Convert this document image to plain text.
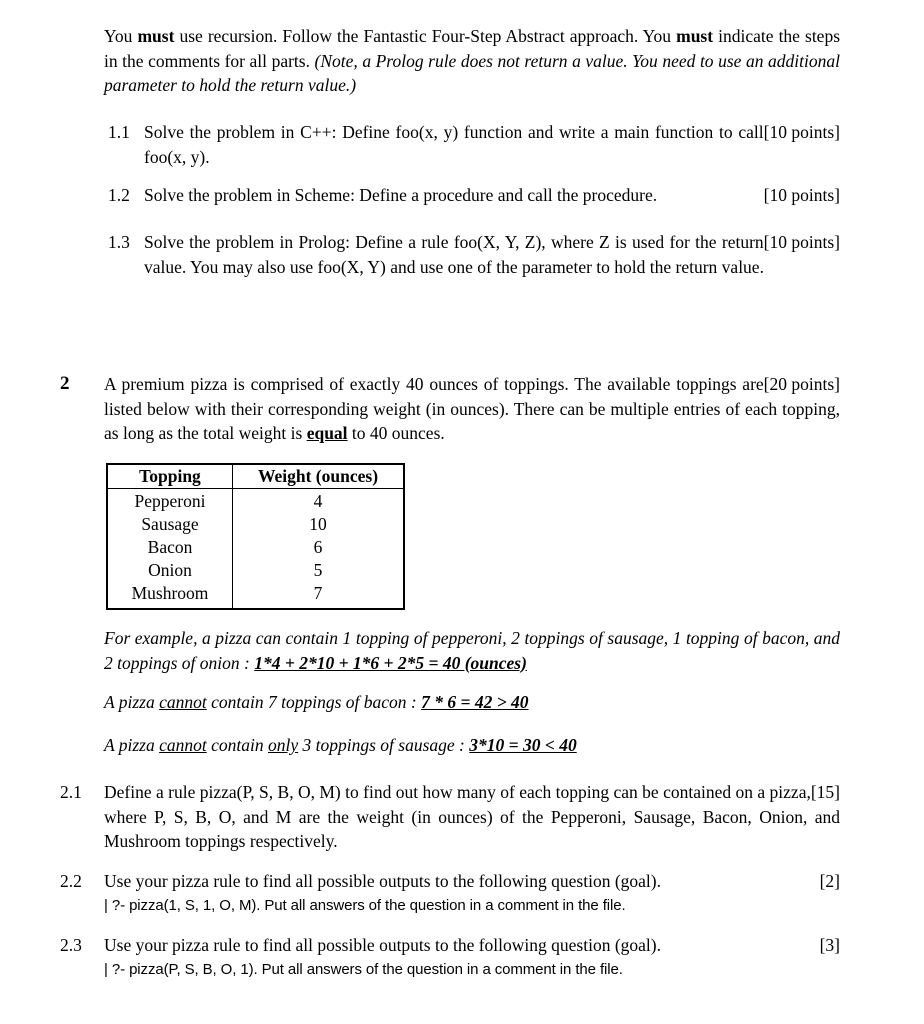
You must use recursion. Follow the Fantastic Four-Step Abstract approach. You must indicate the steps in the comments for all parts. (Note, a Prolog rule does not return a value. You need to use an additional parameter to hold the return value.)
1.1	[10 points]
Solve the problem in C++: Define foo(x, y) function and write a main function to call foo(x, y).
1.2	[10 points]
Solve the problem in Scheme: Define a procedure and call the procedure.
1.3	[10 points]
Solve the problem in Prolog: Define a rule foo(X, Y, Z), where Z is used for the return value. You may also use foo(X, Y) and use one of the parameter to hold the return value.
2	[20 points]
A premium pizza is comprised of exactly 40 ounces of toppings. The available toppings are listed below with their corresponding weight (in ounces). There can be multiple entries of each topping, as long as the total weight is equal to 40 ounces.
Topping	Weight (ounces)
Pepperoni	4
Sausage	10
Bacon	6
Onion	5
Mushroom	7
For example, a pizza can contain 1 topping of pepperoni, 2 toppings of sausage, 1 topping of bacon, and 2 toppings of onion : 1*4 + 2*10 + 1*6 + 2*5 = 40 (ounces)
A pizza cannot contain 7 toppings of bacon : 7 * 6 = 42 > 40
A pizza cannot contain only 3 toppings of sausage : 3*10 = 30 < 40
2.1	[15]
Define a rule pizza(P, S, B, O, M) to find out how many of each topping can be contained on a pizza, where P, S, B, O, and M are the weight (in ounces) of the Pepperoni, Sausage, Bacon, Onion, and Mushroom toppings respectively.
2.2	[2]
Use your pizza rule to find all possible outputs to the following question (goal).
| ?- pizza(1, S, 1, O, M). Put all answers of the question in a comment in the file.
2.3	[3]
Use your pizza rule to find all possible outputs to the following question (goal).
| ?- pizza(P, S, B, O, 1). Put all answers of the question in a comment in the file.
